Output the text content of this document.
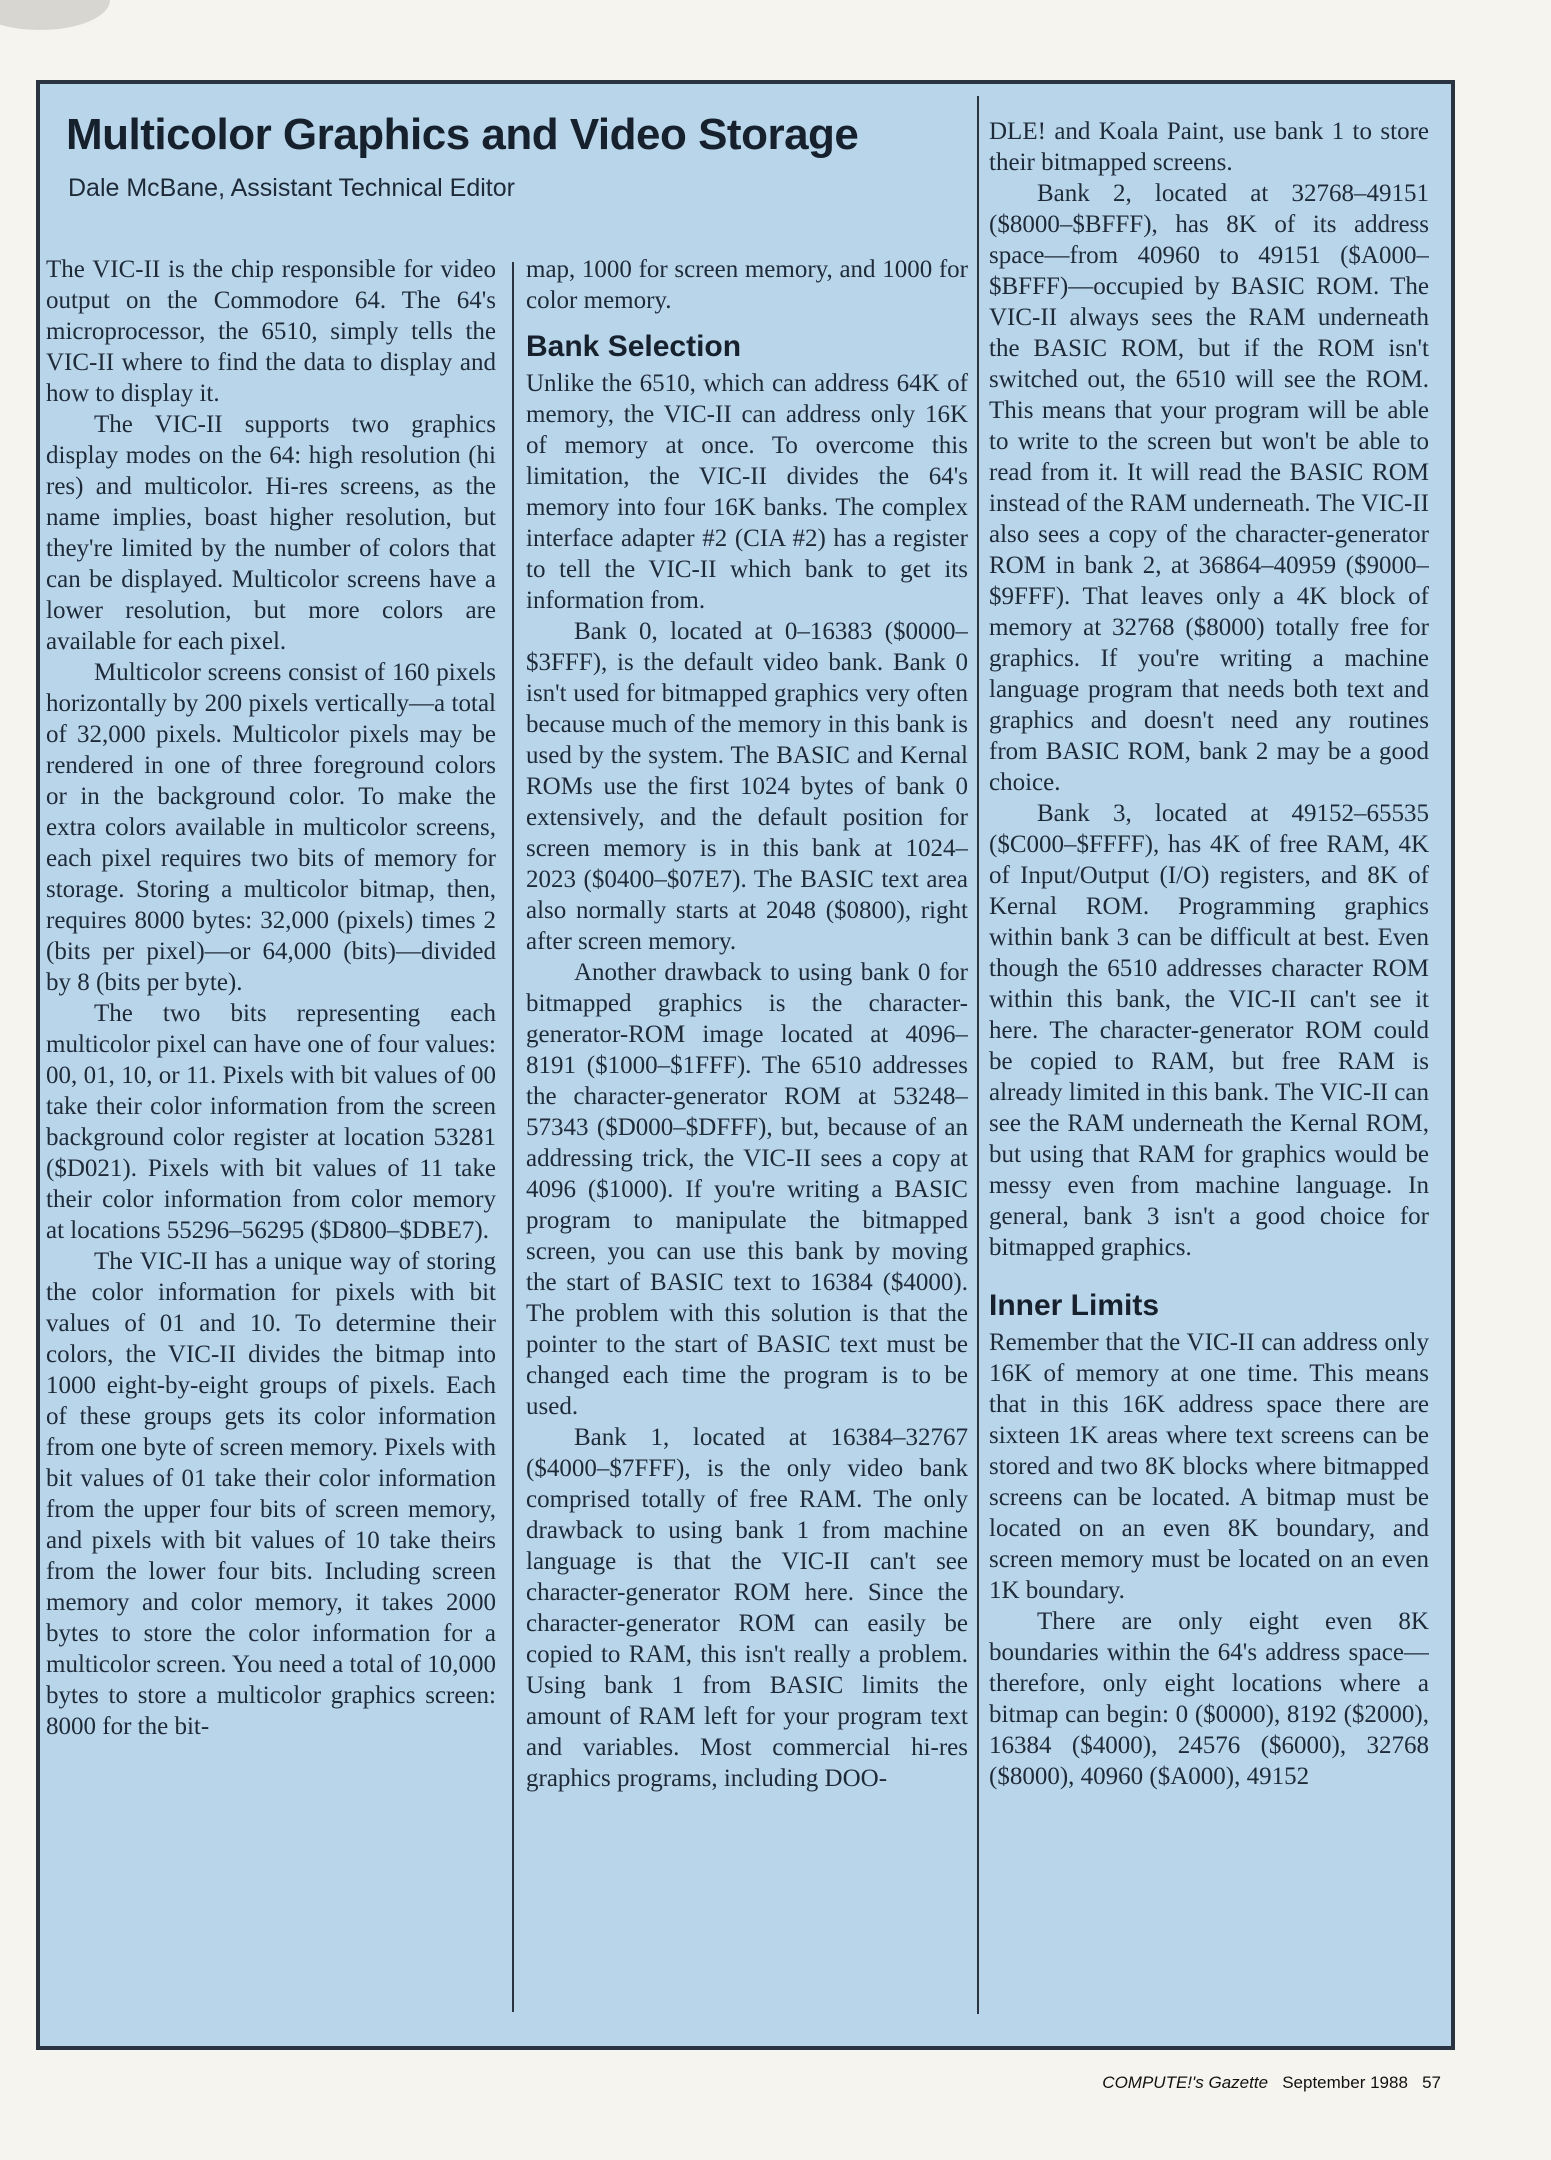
Multicolor Graphics and Video Storage
Dale McBane, Assistant Technical Editor

The VIC-II is the chip responsible for video output on the Commodore 64. The 64's microprocessor, the 6510, simply tells the VIC-II where to find the data to display and how to display it.

The VIC-II supports two graphics display modes on the 64: high resolution (hi res) and multicolor. Hi-res screens, as the name implies, boast higher resolution, but they're limited by the number of colors that can be displayed. Multicolor screens have a lower resolution, but more colors are available for each pixel.

Multicolor screens consist of 160 pixels horizontally by 200 pixels vertically—a total of 32,000 pixels. Multicolor pixels may be rendered in one of three foreground colors or in the background color. To make the extra colors available in multicolor screens, each pixel requires two bits of memory for storage. Storing a multicolor bitmap, then, requires 8000 bytes: 32,000 (pixels) times 2 (bits per pixel)—or 64,000 (bits)—divided by 8 (bits per byte).

The two bits representing each multicolor pixel can have one of four values: 00, 01, 10, or 11. Pixels with bit values of 00 take their color information from the screen background color register at location 53281 ($D021). Pixels with bit values of 11 take their color information from color memory at locations 55296–56295 ($D800–$DBE7).

The VIC-II has a unique way of storing the color information for pixels with bit values of 01 and 10. To determine their colors, the VIC-II divides the bitmap into 1000 eight-by-eight groups of pixels. Each of these groups gets its color information from one byte of screen memory. Pixels with bit values of 01 take their color information from the upper four bits of screen memory, and pixels with bit values of 10 take theirs from the lower four bits. Including screen memory and color memory, it takes 2000 bytes to store the color information for a multicolor screen. You need a total of 10,000 bytes to store a multicolor graphics screen: 8000 for the bit-

map, 1000 for screen memory, and 1000 for color memory.

Bank Selection

Unlike the 6510, which can address 64K of memory, the VIC-II can address only 16K of memory at once. To overcome this limitation, the VIC-II divides the 64's memory into four 16K banks. The complex interface adapter #2 (CIA #2) has a register to tell the VIC-II which bank to get its information from.

Bank 0, located at 0–16383 ($0000–$3FFF), is the default video bank. Bank 0 isn't used for bitmapped graphics very often because much of the memory in this bank is used by the system. The BASIC and Kernal ROMs use the first 1024 bytes of bank 0 extensively, and the default position for screen memory is in this bank at 1024–2023 ($0400–$07E7). The BASIC text area also normally starts at 2048 ($0800), right after screen memory.

Another drawback to using bank 0 for bitmapped graphics is the character-generator-ROM image located at 4096–8191 ($1000–$1FFF). The 6510 addresses the character-generator ROM at 53248–57343 ($D000–$DFFF), but, because of an addressing trick, the VIC-II sees a copy at 4096 ($1000). If you're writing a BASIC program to manipulate the bitmapped screen, you can use this bank by moving the start of BASIC text to 16384 ($4000). The problem with this solution is that the pointer to the start of BASIC text must be changed each time the program is to be used.

Bank 1, located at 16384–32767 ($4000–$7FFF), is the only video bank comprised totally of free RAM. The only drawback to using bank 1 from machine language is that the VIC-II can't see character-generator ROM here. Since the character-generator ROM can easily be copied to RAM, this isn't really a problem. Using bank 1 from BASIC limits the amount of RAM left for your program text and variables. Most commercial hi-res graphics programs, including DOO-

DLE! and Koala Paint, use bank 1 to store their bitmapped screens.

Bank 2, located at 32768–49151 ($8000–$BFFF), has 8K of its address space—from 40960 to 49151 ($A000–$BFFF)—occupied by BASIC ROM. The VIC-II always sees the RAM underneath the BASIC ROM, but if the ROM isn't switched out, the 6510 will see the ROM. This means that your program will be able to write to the screen but won't be able to read from it. It will read the BASIC ROM instead of the RAM underneath. The VIC-II also sees a copy of the character-generator ROM in bank 2, at 36864–40959 ($9000–$9FFF). That leaves only a 4K block of memory at 32768 ($8000) totally free for graphics. If you're writing a machine language program that needs both text and graphics and doesn't need any routines from BASIC ROM, bank 2 may be a good choice.

Bank 3, located at 49152–65535 ($C000–$FFFF), has 4K of free RAM, 4K of Input/Output (I/O) registers, and 8K of Kernal ROM. Programming graphics within bank 3 can be difficult at best. Even though the 6510 addresses character ROM within this bank, the VIC-II can't see it here. The character-generator ROM could be copied to RAM, but free RAM is already limited in this bank. The VIC-II can see the RAM underneath the Kernal ROM, but using that RAM for graphics would be messy even from machine language. In general, bank 3 isn't a good choice for bitmapped graphics.

Inner Limits

Remember that the VIC-II can address only 16K of memory at one time. This means that in this 16K address space there are sixteen 1K areas where text screens can be stored and two 8K blocks where bitmapped screens can be located. A bitmap must be located on an even 8K boundary, and screen memory must be located on an even 1K boundary.

There are only eight even 8K boundaries within the 64's address space—therefore, only eight locations where a bitmap can begin: 0 ($0000), 8192 ($2000), 16384 ($4000), 24576 ($6000), 32768 ($8000), 40960 ($A000), 49152

COMPUTE!'s Gazette September 1988 57
